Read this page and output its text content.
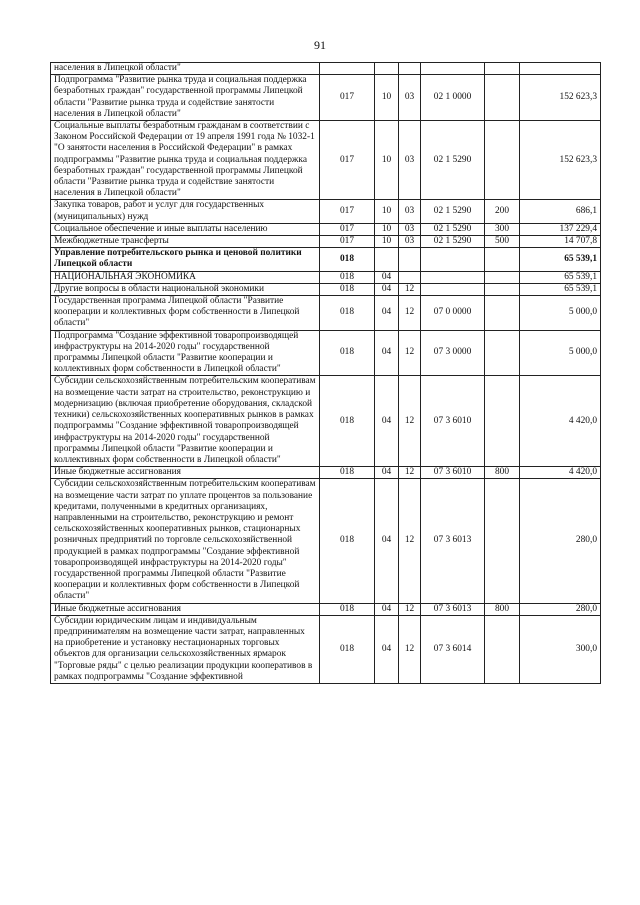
91
населения в Липецкой области"						
Подпрограмма "Развитие рынка труда и социальная поддержка безработных граждан" государственной программы Липецкой области "Развитие рынка труда и содействие занятости населения в Липецкой области"	017	10	03	02 1 0000		152 623,3
Социальные выплаты безработным гражданам в соответствии с Законом Российской Федерации от 19 апреля 1991 года № 1032-1 "О занятости населения в Российской Федерации" в рамках подпрограммы "Развитие рынка труда и социальная поддержка безработных граждан" государственной программы Липецкой области "Развитие рынка труда и содействие занятости населения в Липецкой области"	017	10	03	02 1 5290		152 623,3
Закупка товаров, работ и услуг для государственных (муниципальных) нужд	017	10	03	02 1 5290	200	686,1
Социальное обеспечение и иные выплаты населению	017	10	03	02 1 5290	300	137 229,4
Межбюджетные трансферты	017	10	03	02 1 5290	500	14 707,8
Управление потребительского рынка и ценовой политики Липецкой области	018					65 539,1
НАЦИОНАЛЬНАЯ ЭКОНОМИКА	018	04				65 539,1
Другие вопросы в области национальной экономики	018	04	12			65 539,1
Государственная программа Липецкой области "Развитие кооперации и коллективных форм собственности в Липецкой области"	018	04	12	07 0 0000		5 000,0
Подпрограмма "Создание эффективной товаропроизводящей инфраструктуры на 2014-2020 годы" государственной программы Липецкой области "Развитие кооперации и коллективных форм собственности в Липецкой области"	018	04	12	07 3 0000		5 000,0
Субсидии сельскохозяйственным потребительским кооперативам на возмещение части затрат на строительство, реконструкцию и модернизацию (включая приобретение оборудования, складской техники) сельскохозяйственных кооперативных рынков в рамках подпрограммы "Создание эффективной товаропроизводящей инфраструктуры на 2014-2020 годы" государственной программы Липецкой области "Развитие кооперации и коллективных форм собственности в Липецкой области"	018	04	12	07 3 6010		4 420,0
Иные бюджетные ассигнования	018	04	12	07 3 6010	800	4 420,0
Субсидии сельскохозяйственным потребительским кооперативам на возмещение части затрат по уплате процентов за пользование кредитами, полученными в кредитных организациях, направленными на строительство, реконструкцию и ремонт сельскохозяйственных кооперативных рынков, стационарных розничных предприятий по торговле сельскохозяйственной продукцией в рамках подпрограммы "Создание эффективной товаропроизводящей инфраструктуры на 2014-2020 годы" государственной программы Липецкой области "Развитие кооперации и коллективных форм собственности в Липецкой области"	018	04	12	07 3 6013		280,0
Иные бюджетные ассигнования	018	04	12	07 3 6013	800	280,0
Субсидии юридическим лицам и индивидуальным предпринимателям на возмещение части затрат, направленных на приобретение и установку нестационарных торговых объектов для организации сельскохозяйственных ярмарок "Торговые ряды" с целью реализации продукции кооперативов в рамках подпрограммы "Создание эффективной	018	04	12	07 3 6014		300,0
